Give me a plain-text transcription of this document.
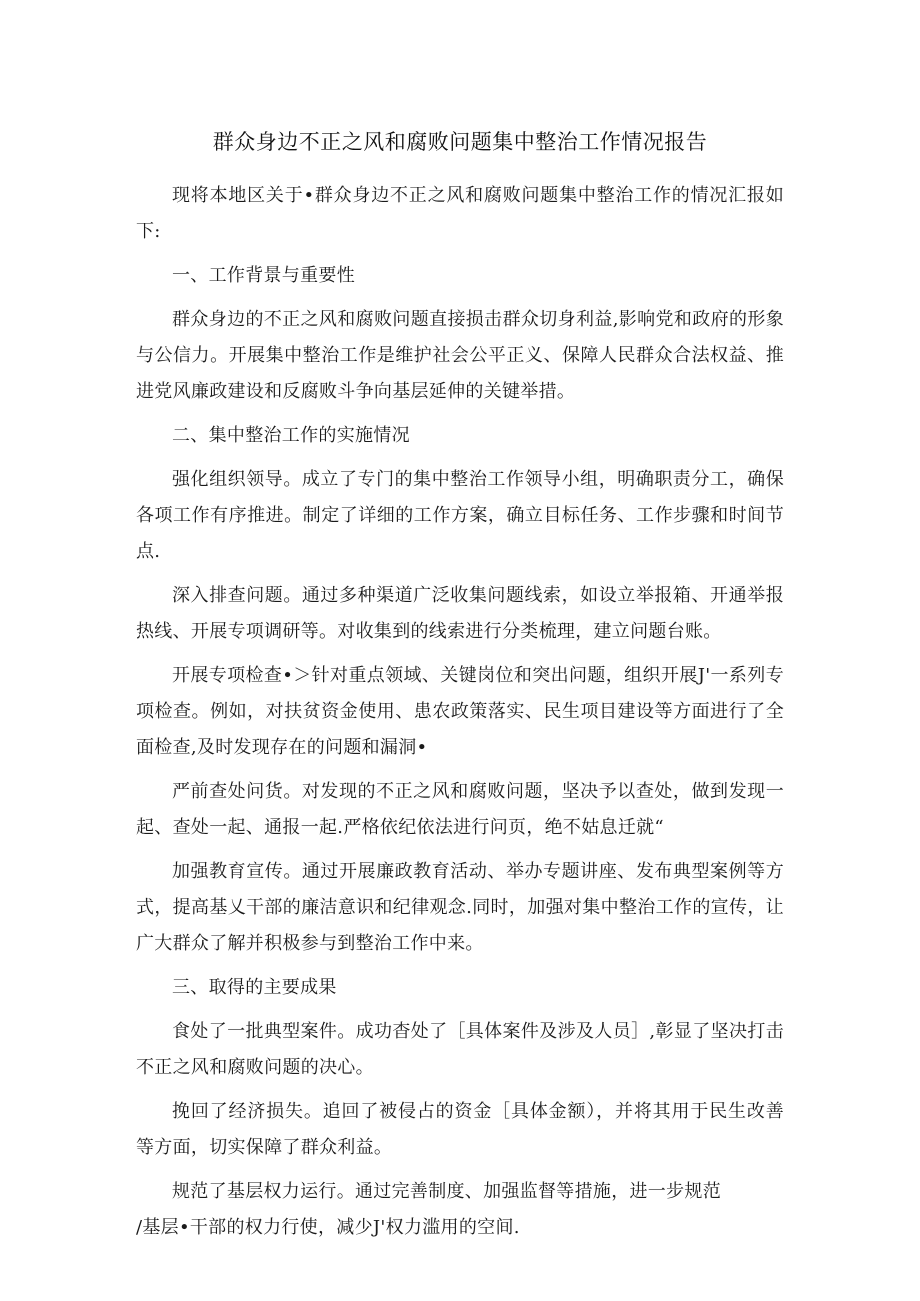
群众身边不正之风和腐败问题集中整治工作情况报告

现将本地区关于•群众身边不正之风和腐败问题集中整治工作的情况汇报如下:

一、工作背景与重要性

群众身边的不正之风和腐败问题直接损击群众切身利益,影响党和政府的形象与公信力。开展集中整治工作是维护社会公平正义、保障人民群众合法权益、推进党风廉政建设和反腐败斗争向基层延伸的关键举措。

二、集中整治工作的实施情况

强化组织领导。成立了专门的集中整治工作领导小组，明确职责分工，确保各项工作有序推进。制定了详细的工作方案，确立目标任务、工作步骤和时间节点.

深入排查问题。通过多种渠道广泛收集问题线索，如设立举报箱、开通举报热线、开展专项调研等。对收集到的线索进行分类梳理，建立问题台账。

开展专项检查•＞针对重点领域、关键岗位和突出问题，组织开展J'一系列专项检查。例如，对扶贫资金使用、患农政策落实、民生项目建设等方面进行了全面检查,及时发现存在的问题和漏洞•

严前查处问货。对发现的不正之风和腐败问题，坚决予以查处，做到发现一起、查处一起、通报一起.严格依纪依法进行问页，绝不姑息迁就“

加强教育宣传。通过开展廉政教育活动、举办专题讲座、发布典型案例等方式，提高基乂干部的廉洁意识和纪律观念.同时，加强对集中整治工作的宣传，让广大群众了解并积极参与到整治工作中来。

三、取得的主要成果

食处了一批典型案件。成功杳处了［具体案件及涉及人员］,彰显了坚决打击不正之风和腐败问题的决心。

挽回了经济损失。追回了被侵占的资金［具体金额），并将其用于民生改善等方面，切实保障了群众利益。

规范了基层权力运行。通过完善制度、加强监督等措施，进一步规范
/基层•干部的权力行使，减少J'权力滥用的空间.
